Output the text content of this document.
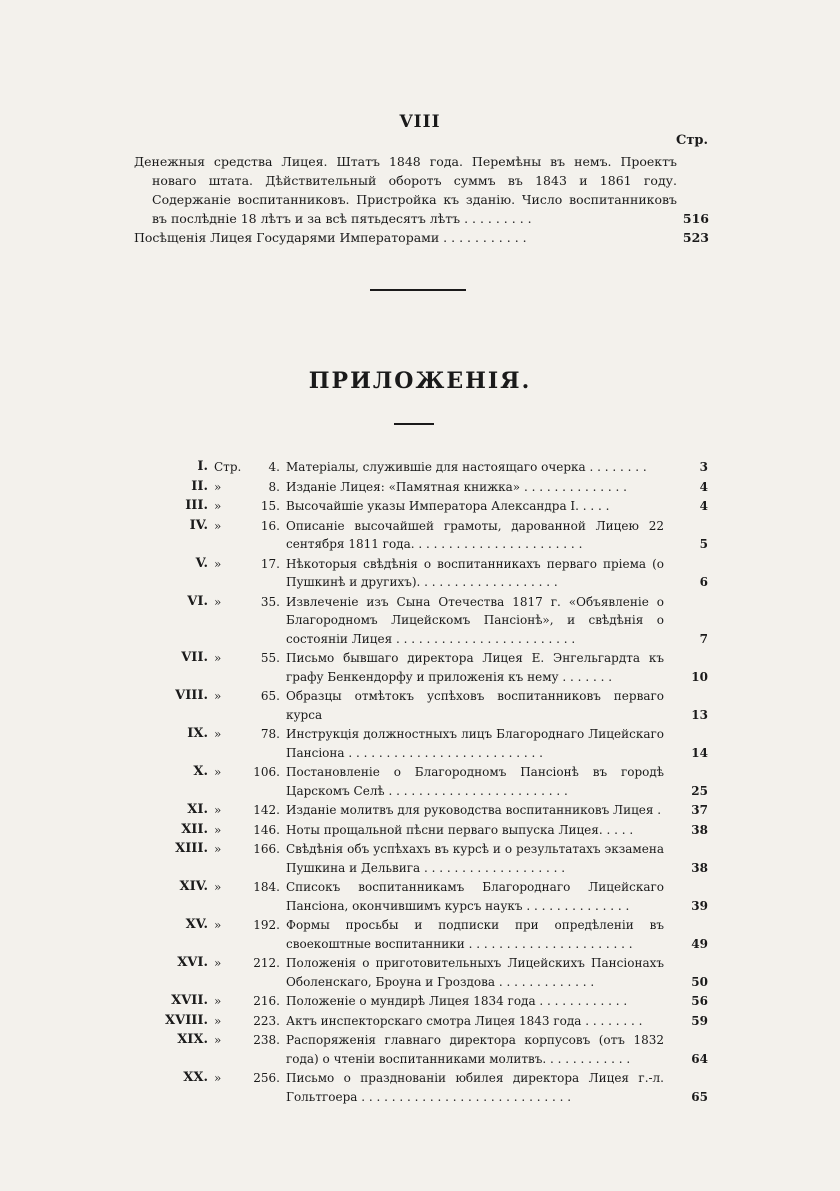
VIII
Стр.
Денежныя средства Лицея. Штатъ 1848 года. Перемѣны въ немъ. Проектъ новаго штата. Дѣйствительный оборотъ суммъ въ 1843 и 1861 году. Содержаніе воспитанниковъ. Пристройка къ зданію. Число воспитанниковъ въ послѣдніе 18 лѣтъ и за всѣ пятьдесятъ лѣтъ . . . . . . . . .	516
Посѣщенія Лицея Государями Императорами . . . . . . . . . . .	523
ПРИЛОЖЕНІЯ.
I. Стр.	4. Матеріалы, служившіе для настоящаго очерка . . . . . . . .	3
II. »	8. Изданіе Лицея: «Памятная книжка» . . . . . . . . . . . . . .	4
III. »	15. Высочайшіе указы Императора Александра I. . . . .	4
IV. »	16. Описаніе высочайшей грамоты, дарованной Лицею 22 сентября 1811 года. . . . . . . . . . . . . . . . . . . . . . .	5
V. »	17. Нѣкоторыя свѣдѣнія о воспитанникахъ перваго пріема (о Пушкинѣ и другихъ). . . . . . . . . . . . . . . . . . .	6
VI. »	35. Извлеченіе изъ Сына Отечества 1817 г. «Объявленіе о Благородномъ Лицейскомъ Пансіонѣ», и свѣдѣнія о состояніи Лицея . . . . . . . . . . . . . . . . . . . . . . . .	7
VII. »	55. Письмо бывшаго директора Лицея Е. Энгельгардта къ графу Бенкендорфу и приложенія къ нему . . . . . . .	10
VIII. »	65. Образцы отмѣтокъ успѣховъ воспитанниковъ перваго курса	13
IX. »	78. Инструкція должностныхъ лицъ Благороднаго Лицейскаго Пансіона . . . . . . . . . . . . . . . . . . . . . . . . . .	14
X. »	106. Постановленіе о Благородномъ Пансіонѣ въ городѣ Царскомъ Селѣ . . . . . . . . . . . . . . . . . . . . . . . .	25
XI. »	142. Изданіе молитвъ для руководства воспитанниковъ Лицея .	37
XII. »	146. Ноты прощальной пѣсни перваго выпуска Лицея. . . . .	38
XIII. »	166. Свѣдѣнія объ успѣхахъ въ курсѣ и о результатахъ экзамена Пушкина и Дельвига . . . . . . . . . . . . . . . . . . .	38
XIV. »	184. Списокъ воспитанникамъ Благороднаго Лицейскаго Пансіона, окончившимъ курсъ наукъ . . . . . . . . . . . . . .	39
XV. »	192. Формы просьбы и подписки при опредѣленіи въ своекоштные воспитанники . . . . . . . . . . . . . . . . . . . . . .	49
XVI. »	212. Положенія о приготовительныхъ Лицейскихъ Пансіонахъ Оболенскаго, Броуна и Гроздова . . . . . . . . . . . . .	50
XVII. »	216. Положеніе о мундирѣ Лицея 1834 года . . . . . . . . . . . .	56
XVIII. »	223. Актъ инспекторскаго смотра Лицея 1843 года . . . . . . . .	59
XIX. »	238. Распоряженія главнаго директора корпусовъ (отъ 1832 года) о чтеніи воспитанниками молитвъ. . . . . . . . . . . .	64
XX. »	256. Письмо о празднованіи юбилея директора Лицея г.-л. Гольтгоера . . . . . . . . . . . . . . . . . . . . . . . . . . . .	65
